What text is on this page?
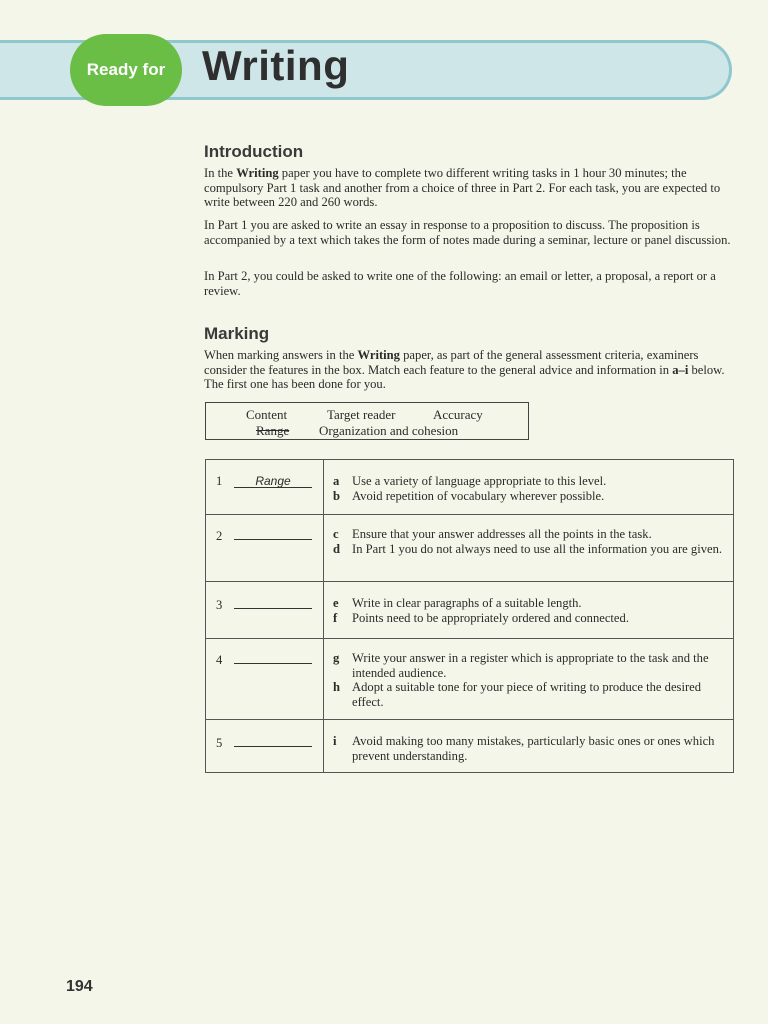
Ready for Writing
Introduction

In the Writing paper you have to complete two different writing tasks in 1 hour 30 minutes; the compulsory Part 1 task and another from a choice of three in Part 2. For each task, you are expected to write between 220 and 260 words.

In Part 1 you are asked to write an essay in response to a proposition to discuss. The proposition is accompanied by a text which takes the form of notes made during a seminar, lecture or panel discussion.

In Part 2, you could be asked to write one of the following: an email or letter, a proposal, a report or a review.

Marking

When marking answers in the Writing paper, as part of the general assessment criteria, examiners consider the features in the box. Match each feature to the general advice and information in a–i below. The first one has been done for you.

Content	Target reader	Accuracy
Range Organization and cohesion
1 Range	a Use a variety of language appropriate to this level.
b Avoid repetition of vocabulary wherever possible.

2	c Ensure that your answer addresses all the points in the task.
d In Part 1 you do not always need to use all the information you are given.

3	e Write in clear paragraphs of a suitable length.
f Points need to be appropriately ordered and connected.

4	g Write your answer in a register which is appropriate to the task and the intended audience.
h Adopt a suitable tone for your piece of writing to produce the desired effect.

5	i Avoid making too many mistakes, particularly basic ones or ones which prevent understanding.
194
